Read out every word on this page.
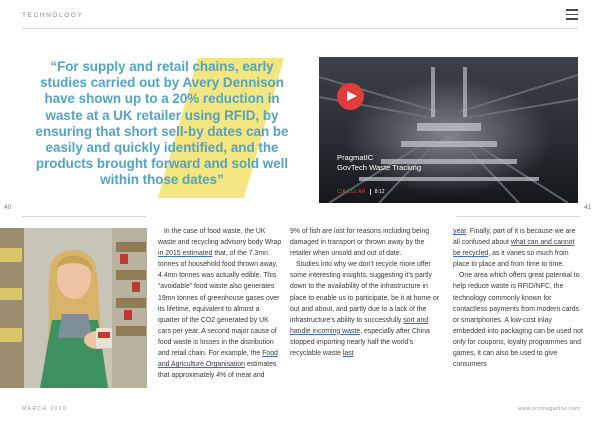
TECHNOLOGY
“For supply and retail chains, early studies carried out by Avery Dennison have shown up to a 20% reduction in waste at a UK retailer using RFID, by ensuring that short sell-by dates can be easily and quickly identified, and the products brought forward and sold well within those dates”
PragmatIC
GovTech Waste Tracking
CIRCULAR 8:12
40	41

In the case of food waste, the UK waste and recycling advisory body Wrap in 2015 estimated that, of the 7.3mn tonnes of household food thrown away, 4.4mn tonnes was actually edible. This “avoidable” food waste also generates 19mn tonnes of greenhouse gases over its lifetime, equivalent to almost a quarter of the CO2 generated by UK cars per year. A second major cause of food waste is losses in the distribution and retail chain. For example, the Food and Agriculture Organisation estimates that approximately 4% of meat and

9% of fish are lost for reasons including being damaged in transport or thrown away by the retailer when unsold and out of date.

Studies into why we don’t recycle more offer some interesting insights, suggesting it’s partly down to the availability of the infrastructure in place to enable us to participate, be it at home or out and about, and partly due to a lack of the infrastructure’s ability to successfully sort and handle incoming waste, especially after China stopped importing nearly half the world’s recyclable waste last

year. Finally, part of it is because we are all confused about what can and cannot be recycled, as it varies so much from place to place and from time to time.

One area which offers great potential to help reduce waste is RFID/NFC, the technology commonly known for contactless payments from modern cards or smartphones. A low-cost inlay embedded into packaging can be used not only for coupons, loyalty programmes and games, it can also be used to give consumers

MARCH 2020	www.scomagazine.com
